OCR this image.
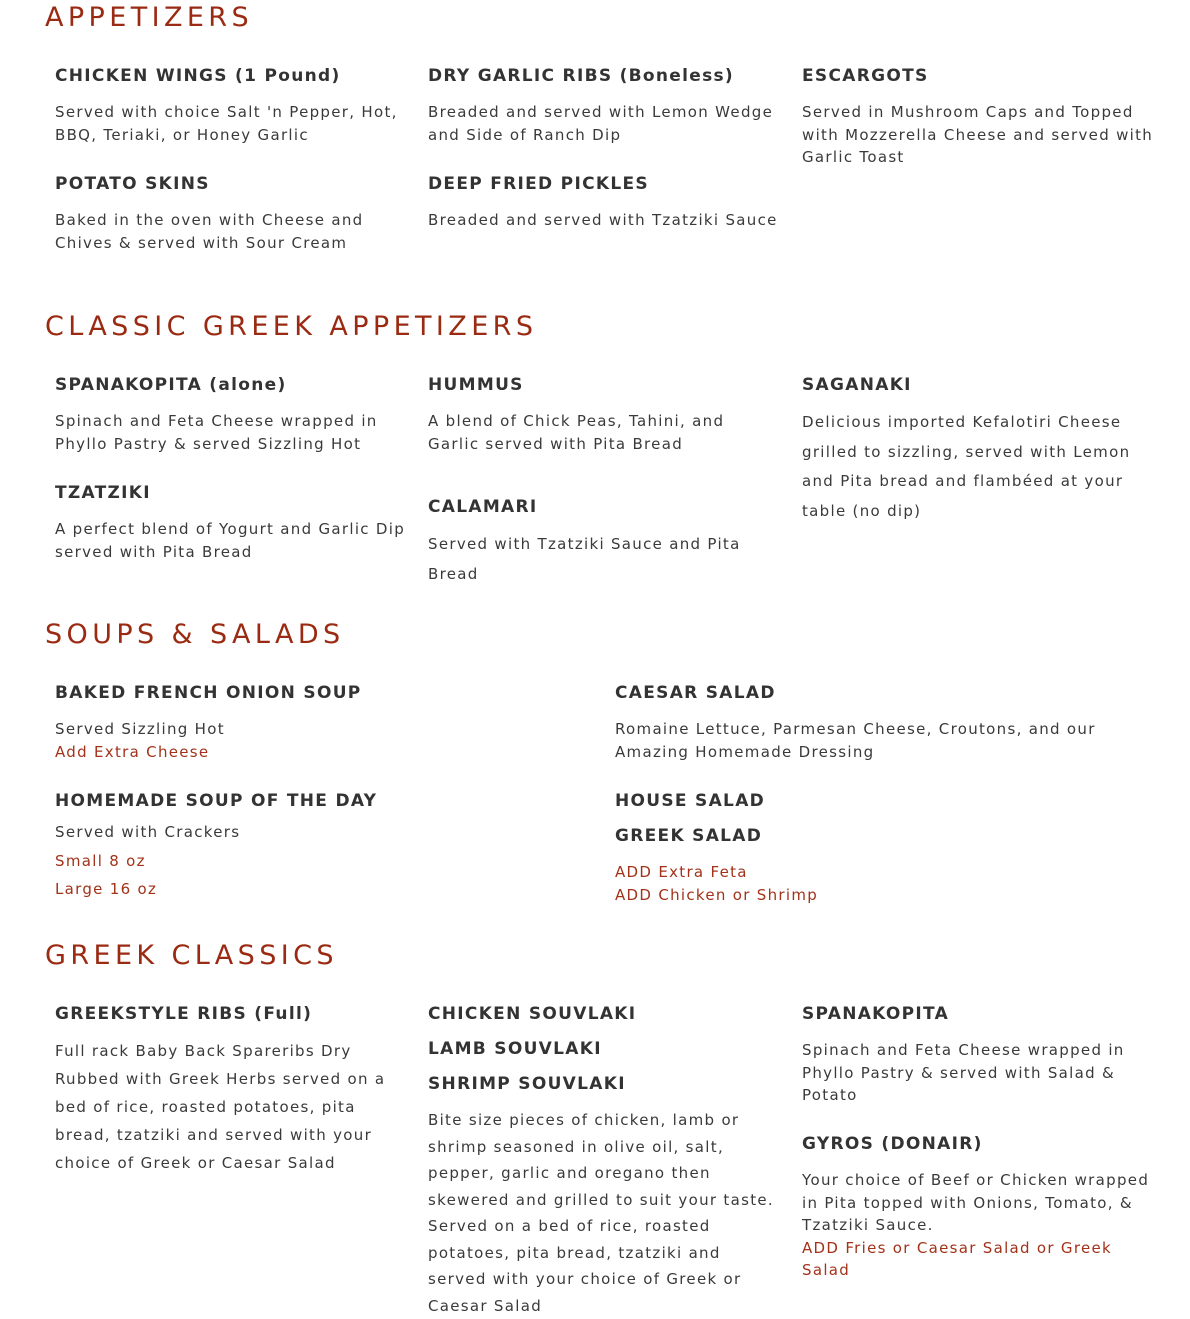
APPETIZERS
CHICKEN WINGS (1 Pound)

Served with choice Salt 'n Pepper, Hot, BBQ, Teriaki, or Honey Garlic

DRY GARLIC RIBS (Boneless)

Breaded and served with Lemon Wedge and Side of Ranch Dip

ESCARGOTS

Served in Mushroom Caps and Topped with Mozzerella Cheese and served with Garlic Toast

POTATO SKINS

Baked in the oven with Cheese and Chives & served with Sour Cream

DEEP FRIED PICKLES

Breaded and served with Tzatziki Sauce

CLASSIC GREEK APPETIZERS
SPANAKOPITA (alone)

Spinach and Feta Cheese wrapped in Phyllo Pastry & served Sizzling Hot

HUMMUS

A blend of Chick Peas, Tahini, and Garlic served with Pita Bread

SAGANAKI

Delicious imported Kefalotiri Cheese grilled to sizzling, served with Lemon and Pita bread and flambéed at your table (no dip)

TZATZIKI

A perfect blend of Yogurt and Garlic Dip served with Pita Bread

CALAMARI

Served with Tzatziki Sauce and Pita Bread

SOUPS & SALADS
BAKED FRENCH ONION SOUP

Served Sizzling Hot

Add Extra Cheese

CAESAR SALAD

Romaine Lettuce, Parmesan Cheese, Croutons, and our Amazing Homemade Dressing

HOMEMADE SOUP OF THE DAY

Served with Crackers

Small 8 oz

Large 16 oz

HOUSE SALAD
GREEK SALAD

ADD Extra Feta

ADD Chicken or Shrimp

GREEK CLASSICS
GREEKSTYLE RIBS (Full)

Full rack Baby Back Spareribs Dry Rubbed with Greek Herbs served on a bed of rice, roasted potatoes, pita bread, tzatziki and served with your choice of Greek or Caesar Salad

CHICKEN SOUVLAKI
LAMB SOUVLAKI
SHRIMP SOUVLAKI

Bite size pieces of chicken, lamb or shrimp seasoned in olive oil, salt, pepper, garlic and oregano then skewered and grilled to suit your taste. Served on a bed of rice, roasted potatoes, pita bread, tzatziki and served with your choice of Greek or Caesar Salad

SPANAKOPITA

Spinach and Feta Cheese wrapped in Phyllo Pastry & served with Salad & Potato

GYROS (DONAIR)

Your choice of Beef or Chicken wrapped in Pita topped with Onions, Tomato, & Tzatziki Sauce.

ADD Fries or Caesar Salad or Greek Salad
